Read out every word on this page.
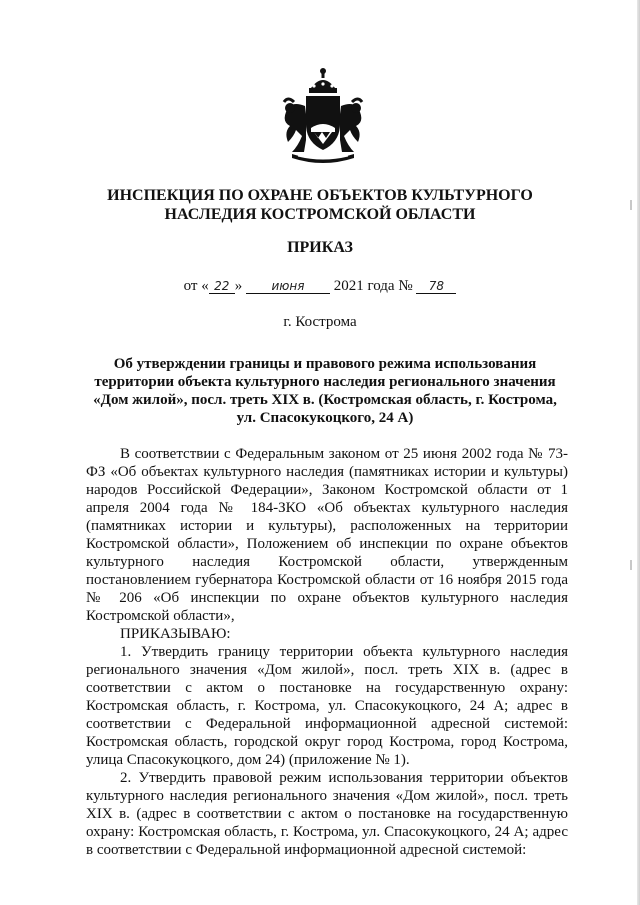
ИНСПЕКЦИЯ ПО ОХРАНЕ ОБЪЕКТОВ КУЛЬТУРНОГО НАСЛЕДИЯ КОСТРОМСКОЙ ОБЛАСТИ
ПРИКАЗ
от « 22 » июня 2021 года № 78
г. Кострома
Об утверждении границы и правового режима использования территории объекта культурного наследия регионального значения «Дом жилой», посл. треть XIX в. (Костромская область, г. Кострома, ул. Спасокукоцкого, 24 А)

В соответствии с Федеральным законом от 25 июня 2002 года № 73-ФЗ «Об объектах культурного наследия (памятниках истории и культуры) народов Российской Федерации», Законом Костромской области от 1 апреля 2004 года № 184-ЗКО «Об объектах культурного наследия (памятниках истории и культуры), расположенных на территории Костромской области», Положением об инспекции по охране объектов культурного наследия Костромской области, утвержденным постановлением губернатора Костромской области от 16 ноября 2015 года № 206 «Об инспекции по охране объектов культурного наследия Костромской области»,

ПРИКАЗЫВАЮ:

1. Утвердить границу территории объекта культурного наследия регионального значения «Дом жилой», посл. треть XIX в. (адрес в соответствии с актом о постановке на государственную охрану: Костромская область, г. Кострома, ул. Спасокукоцкого, 24 А; адрес в соответствии с Федеральной информационной адресной системой: Костромская область, городской округ город Кострома, город Кострома, улица Спасокукоцкого, дом 24) (приложение № 1).

2. Утвердить правовой режим использования территории объектов культурного наследия регионального значения «Дом жилой», посл. треть XIX в. (адрес в соответствии с актом о постановке на государственную охрану: Костромская область, г. Кострома, ул. Спасокукоцкого, 24 А; адрес в соответствии с Федеральной информационной адресной системой:
